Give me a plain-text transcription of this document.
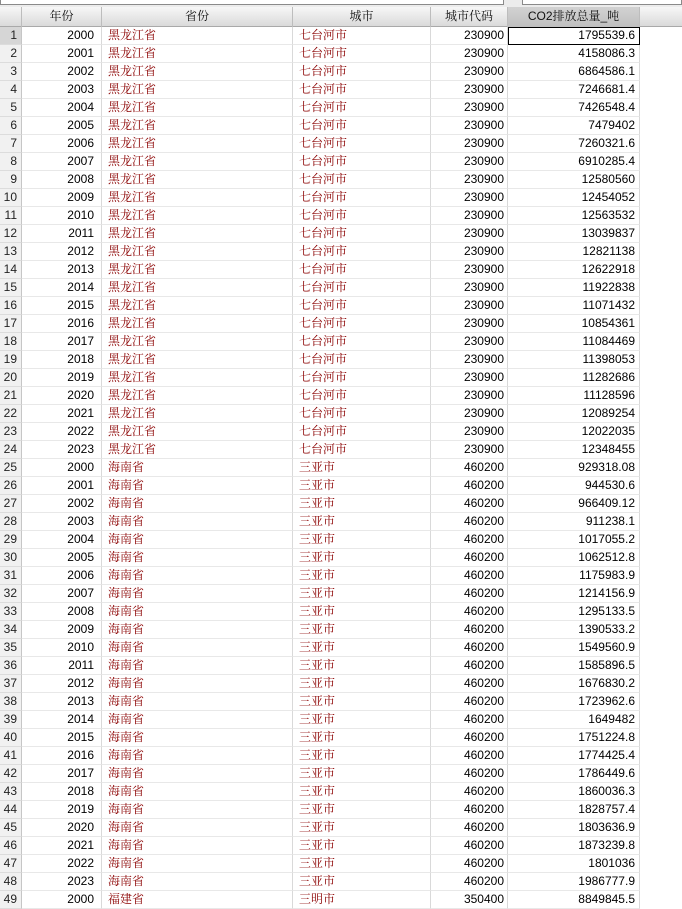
年份	省份	城市	城市代码	CO2排放总量_吨
1	2000	黑龙江省	七台河市	230900	1795539.6
2	2001	黑龙江省	七台河市	230900	4158086.3
3	2002	黑龙江省	七台河市	230900	6864586.1
4	2003	黑龙江省	七台河市	230900	7246681.4
5	2004	黑龙江省	七台河市	230900	7426548.4
6	2005	黑龙江省	七台河市	230900	7479402
7	2006	黑龙江省	七台河市	230900	7260321.6
8	2007	黑龙江省	七台河市	230900	6910285.4
9	2008	黑龙江省	七台河市	230900	12580560
10	2009	黑龙江省	七台河市	230900	12454052
11	2010	黑龙江省	七台河市	230900	12563532
12	2011	黑龙江省	七台河市	230900	13039837
13	2012	黑龙江省	七台河市	230900	12821138
14	2013	黑龙江省	七台河市	230900	12622918
15	2014	黑龙江省	七台河市	230900	11922838
16	2015	黑龙江省	七台河市	230900	11071432
17	2016	黑龙江省	七台河市	230900	10854361
18	2017	黑龙江省	七台河市	230900	11084469
19	2018	黑龙江省	七台河市	230900	11398053
20	2019	黑龙江省	七台河市	230900	11282686
21	2020	黑龙江省	七台河市	230900	11128596
22	2021	黑龙江省	七台河市	230900	12089254
23	2022	黑龙江省	七台河市	230900	12022035
24	2023	黑龙江省	七台河市	230900	12348455
25	2000	海南省	三亚市	460200	929318.08
26	2001	海南省	三亚市	460200	944530.6
27	2002	海南省	三亚市	460200	966409.12
28	2003	海南省	三亚市	460200	911238.1
29	2004	海南省	三亚市	460200	1017055.2
30	2005	海南省	三亚市	460200	1062512.8
31	2006	海南省	三亚市	460200	1175983.9
32	2007	海南省	三亚市	460200	1214156.9
33	2008	海南省	三亚市	460200	1295133.5
34	2009	海南省	三亚市	460200	1390533.2
35	2010	海南省	三亚市	460200	1549560.9
36	2011	海南省	三亚市	460200	1585896.5
37	2012	海南省	三亚市	460200	1676830.2
38	2013	海南省	三亚市	460200	1723962.6
39	2014	海南省	三亚市	460200	1649482
40	2015	海南省	三亚市	460200	1751224.8
41	2016	海南省	三亚市	460200	1774425.4
42	2017	海南省	三亚市	460200	1786449.6
43	2018	海南省	三亚市	460200	1860036.3
44	2019	海南省	三亚市	460200	1828757.4
45	2020	海南省	三亚市	460200	1803636.9
46	2021	海南省	三亚市	460200	1873239.8
47	2022	海南省	三亚市	460200	1801036
48	2023	海南省	三亚市	460200	1986777.9
49	2000	福建省	三明市	350400	8849845.5
